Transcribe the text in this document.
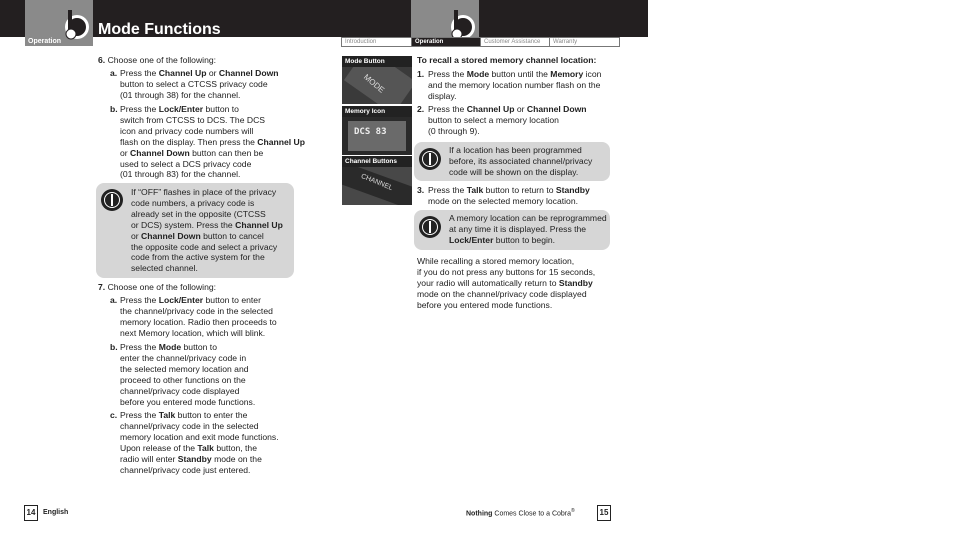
Operation
Mode Functions
Introduction	Operation	Customer Assistance	Warranty
6. Choose one of the following:
a. Press the Channel Up or Channel Down
button to select a CTCSS privacy code
(01 through 38) for the channel.
b. Press the Lock/Enter button to
switch from CTCSS to DCS. The DCS
icon and privacy code numbers will
flash on the display. Then press the Channel Up
or Channel Down button can then be
used to select a DCS privacy code
(01 through 83) for the channel.
If “OFF” flashes in place of the privacy
code numbers, a privacy code is
already set in the opposite (CTCSS
or DCS) system. Press the Channel Up
or Channel Down button to cancel
the opposite code and select a privacy
code from the active system for the
selected channel.
7. Choose one of the following:
a. Press the Lock/Enter button to enter
the channel/privacy code in the selected
memory location. Radio then proceeds to
next Memory location, which will blink.
b. Press the Mode button to
enter the channel/privacy code in
the selected memory location and
proceed to other functions on the
channel/privacy code displayed
before you entered mode functions.
c. Press the Talk button to enter the
channel/privacy code in the selected
memory location and exit mode functions.
Upon release of the Talk button, the
radio will enter Standby mode on the
channel/privacy code just entered.
Mode Button
MODE
Memory Icon
DCS 83
Channel Buttons
CHANNEL
To recall a stored memory channel location:
1. Press the Mode button until the Memory icon
and the memory location number flash on the
display.
2. Press the Channel Up or Channel Down
button to select a memory location
(0 through 9).
If a location has been programmed
before, its associated channel/privacy
code will be shown on the display.
3. Press the Talk button to return to Standby
mode on the selected memory location.
A memory location can be reprogrammed
at any time it is displayed. Press the
Lock/Enter button to begin.
While recalling a stored memory location,
if you do not press any buttons for 15 seconds,
your radio will automatically return to Standby
mode on the channel/privacy code displayed
before you entered mode functions.
14	English	Nothing Comes Close to a Cobra®	15
